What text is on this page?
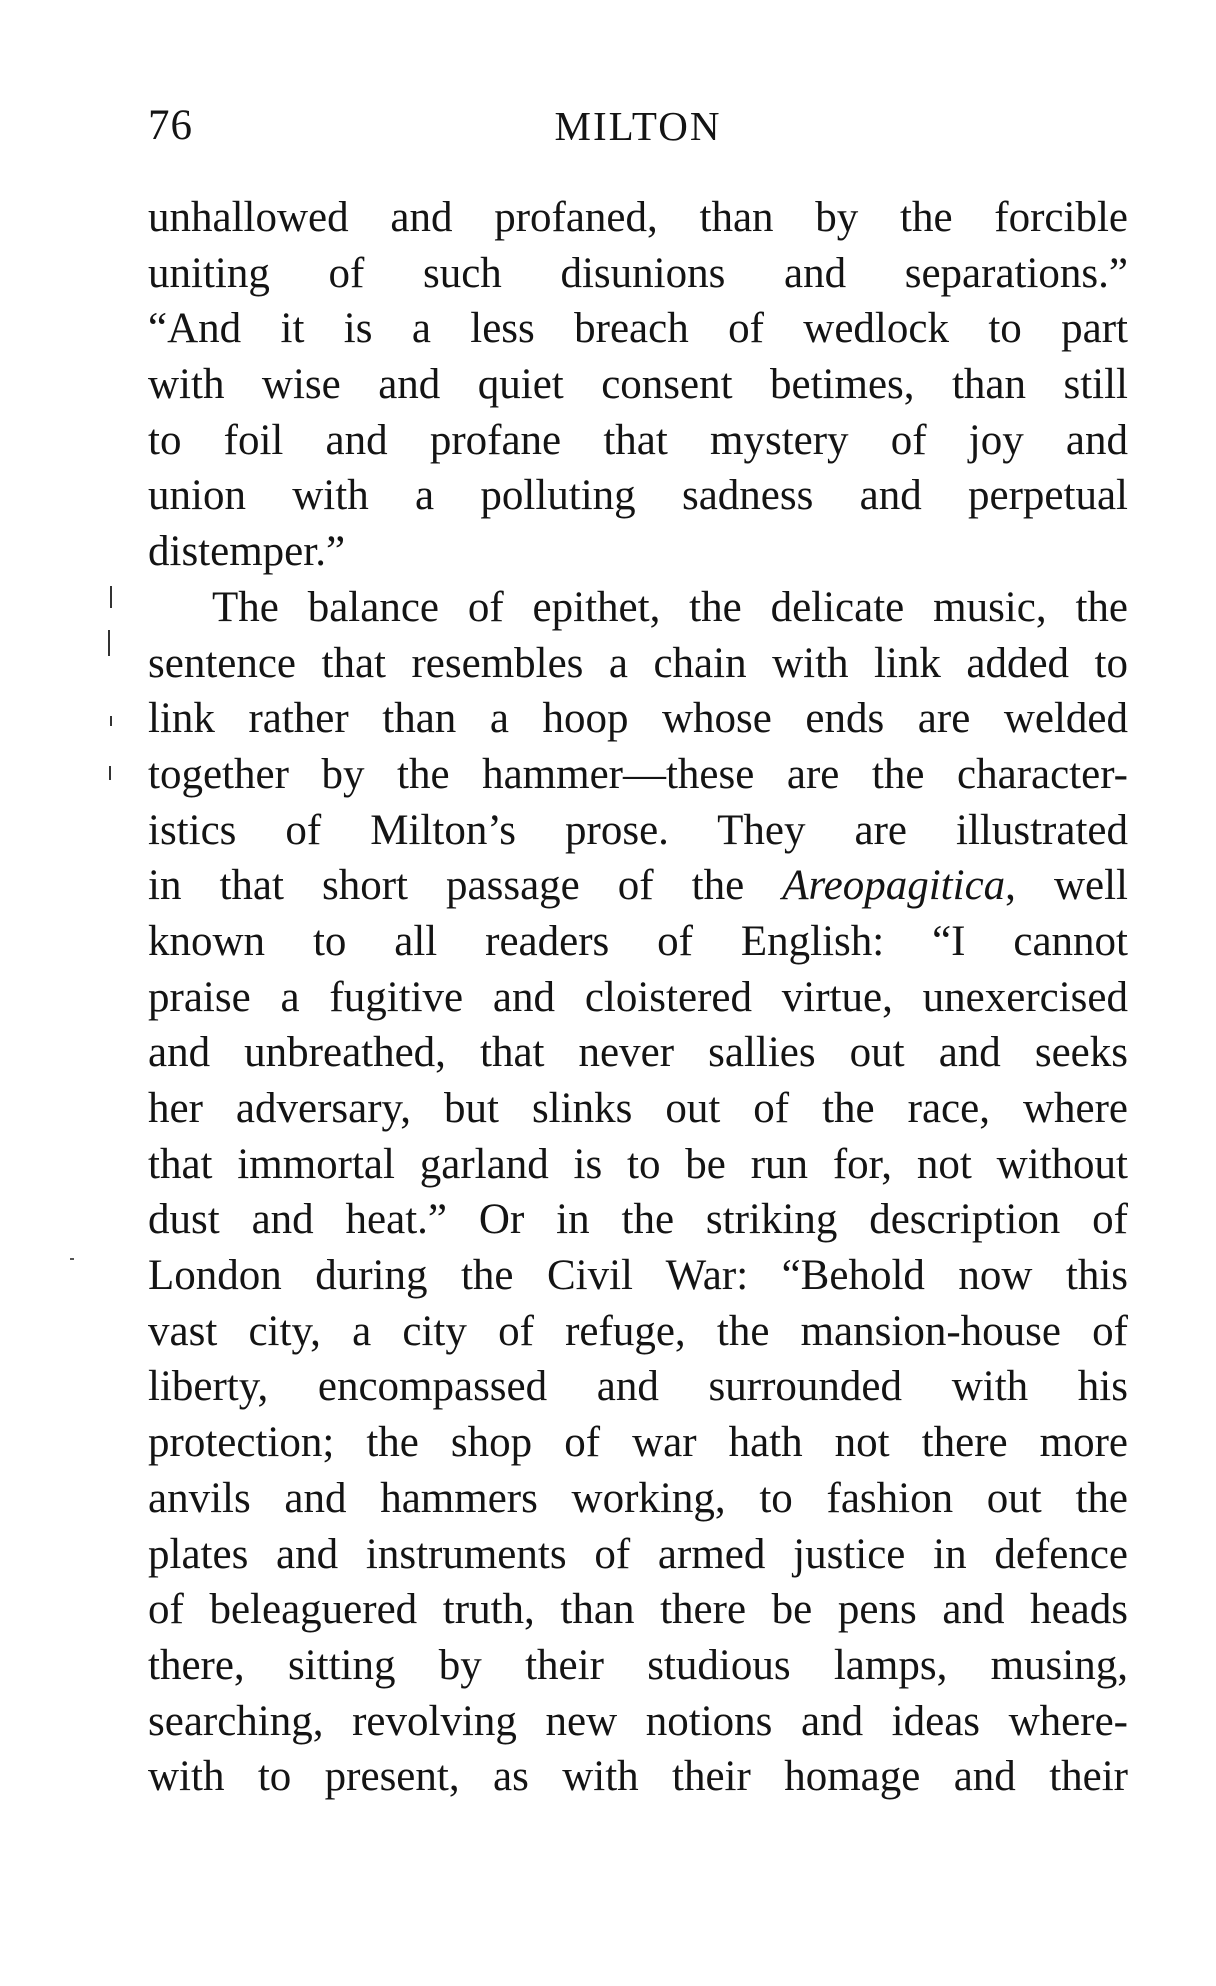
76	MILTON
unhallowed and profaned, than by the forcible
uniting of such disunions and separations.”
“And it is a less breach of wedlock to part
with wise and quiet consent betimes, than still
to foil and profane that mystery of joy and
union with a polluting sadness and perpetual
distemper.”
The balance of epithet, the delicate music, the
sentence that resembles a chain with link added to
link rather than a hoop whose ends are welded
together by the hammer—these are the character-
istics of Milton’s prose. They are illustrated
in that short passage of the Areopagitica, well
known to all readers of English: “I cannot
praise a fugitive and cloistered virtue, unexercised
and unbreathed, that never sallies out and seeks
her adversary, but slinks out of the race, where
that immortal garland is to be run for, not without
dust and heat.” Or in the striking description of
London during the Civil War: “Behold now this
vast city, a city of refuge, the mansion-house of
liberty, encompassed and surrounded with his
protection; the shop of war hath not there more
anvils and hammers working, to fashion out the
plates and instruments of armed justice in defence
of beleaguered truth, than there be pens and heads
there, sitting by their studious lamps, musing,
searching, revolving new notions and ideas where-
with to present, as with their homage and their
